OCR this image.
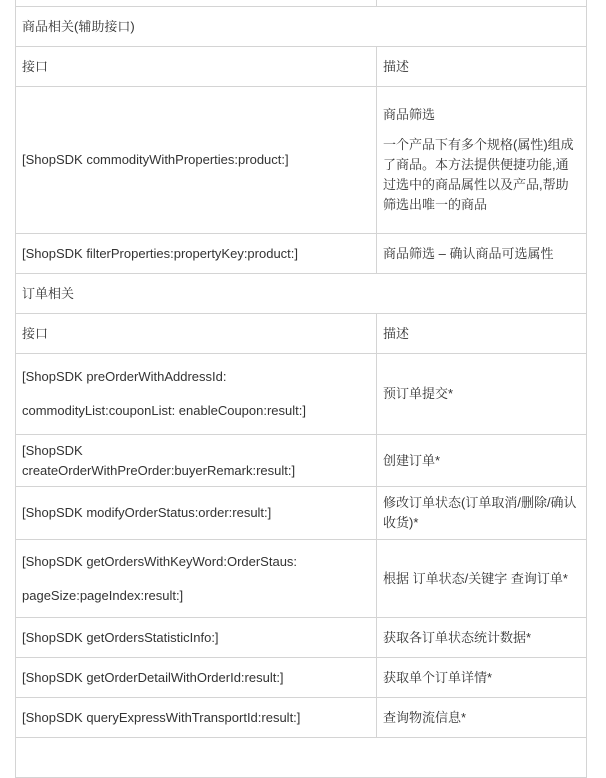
商品相关(辅助接口)	
接口	描述
[ShopSDK commodityWithProperties:product:]	商品筛选

一个产品下有多个规格(属性)组成了商品。本方法提供便捷功能,通过选中的商品属性以及产品,帮助筛选出唯一的商品

[ShopSDK filterProperties:propertyKey:product:]	商品筛选 – 确认商品可选属性
订单相关	
接口	描述
[ShopSDK preOrderWithAddressId:
commodityList:couponList: enableCoupon:result:]	预订单提交*
[ShopSDK
createOrderWithPreOrder:buyerRemark:result:]	创建订单*
[ShopSDK modifyOrderStatus:order:result:]	修改订单状态(订单取消/删除/确认收货)*
[ShopSDK getOrdersWithKeyWord:OrderStaus:
pageSize:pageIndex:result:]	根据 订单状态/关键字 查询订单*
[ShopSDK getOrdersStatisticInfo:]	获取各订单状态统计数据*
[ShopSDK getOrderDetailWithOrderId:result:]	获取单个订单详情*
[ShopSDK queryExpressWithTransportId:result:]	查询物流信息*
